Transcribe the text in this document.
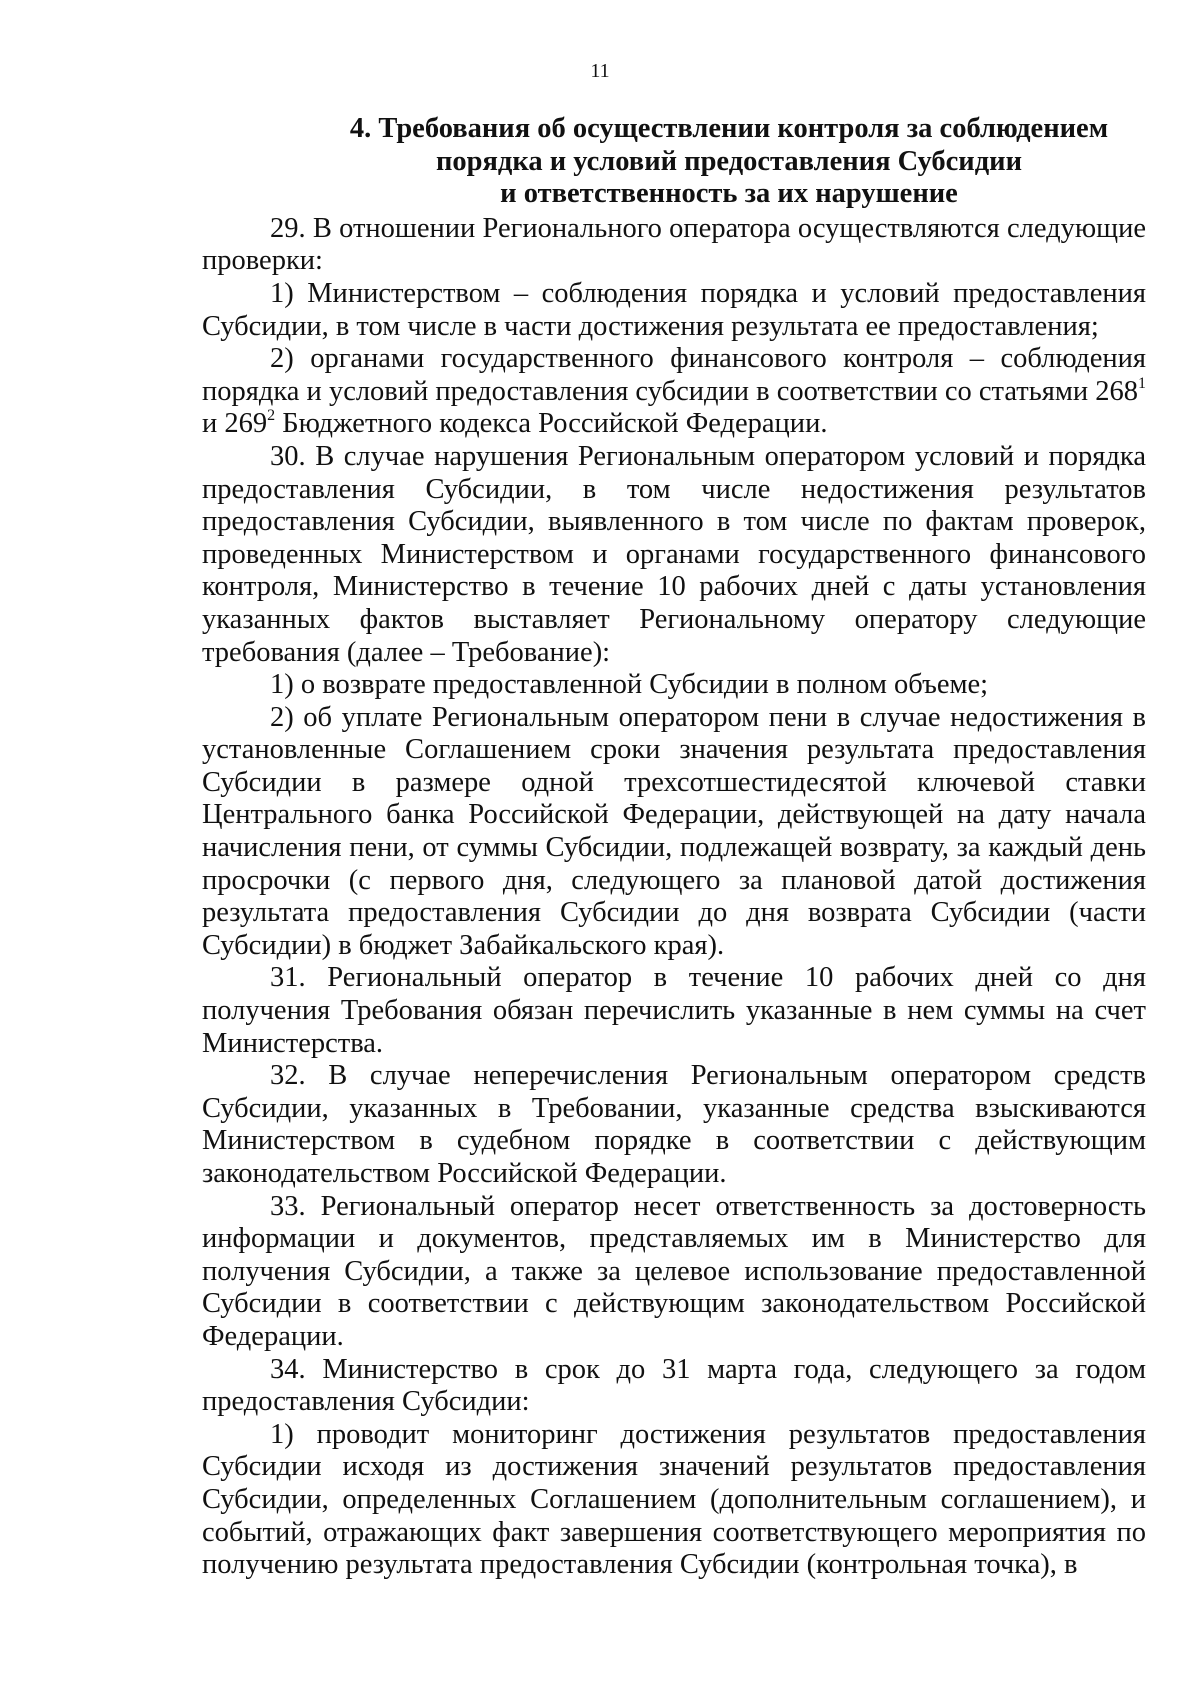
11
4. Требования об осуществлении контроля за соблюдением
порядка и условий предоставления Субсидии
и ответственность за их нарушение

29. В отношении Регионального оператора осуществляются следующие проверки:

1) Министерством – соблюдения порядка и условий предоставления Субсидии, в том числе в части достижения результата ее предоставления;

2) органами государственного финансового контроля – соблюдения порядка и условий предоставления субсидии в соответствии со статьями $268^1$ и $269^2$ Бюджетного кодекса Российской Федерации.

30. В случае нарушения Региональным оператором условий и порядка предоставления Субсидии, в том числе недостижения результатов предоставления Субсидии, выявленного в том числе по фактам проверок, проведенных Министерством и органами государственного финансового контроля, Министерство в течение 10 рабочих дней с даты установления указанных фактов выставляет Региональному оператору следующие требования (далее – Требование):

1) о возврате предоставленной Субсидии в полном объеме;

2) об уплате Региональным оператором пени в случае недостижения в установленные Соглашением сроки значения результата предоставления Субсидии в размере одной трехсотшестидесятой ключевой ставки Центрального банка Российской Федерации, действующей на дату начала начисления пени, от суммы Субсидии, подлежащей возврату, за каждый день просрочки (с первого дня, следующего за плановой датой достижения результата предоставления Субсидии до дня возврата Субсидии (части Субсидии) в бюджет Забайкальского края).

31. Региональный оператор в течение 10 рабочих дней со дня получения Требования обязан перечислить указанные в нем суммы на счет Министерства.

32. В случае неперечисления Региональным оператором средств Субсидии, указанных в Требовании, указанные средства взыскиваются Министерством в судебном порядке в соответствии с действующим законодательством Российской Федерации.

33. Региональный оператор несет ответственность за достоверность информации и документов, представляемых им в Министерство для получения Субсидии, а также за целевое использование предоставленной Субсидии в соответствии с действующим законодательством Российской Федерации.

34. Министерство в срок до 31 марта года, следующего за годом предоставления Субсидии:

1) проводит мониторинг достижения результатов предоставления Субсидии исходя из достижения значений результатов предоставления Субсидии, определенных Соглашением (дополнительным соглашением), и событий, отражающих факт завершения соответствующего мероприятия по получению результата предоставления Субсидии (контрольная точка), в
